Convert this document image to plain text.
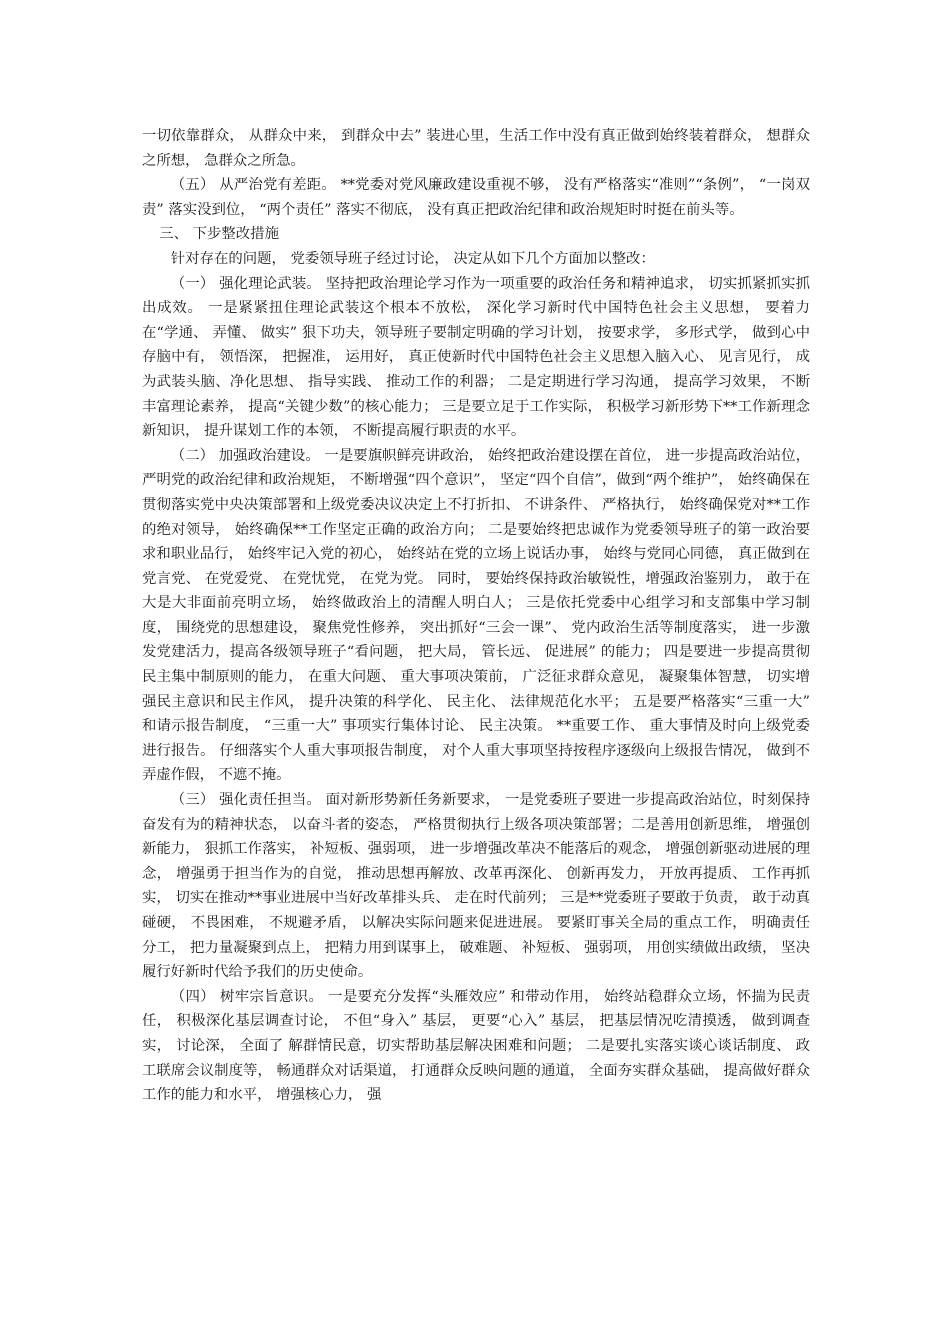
一切依靠群众， 从群众中来， 到群众中去” 装进心里，生活工作中没有真正做到始终装着群众， 想群众之所想， 急群众之所急。

（五） 从严治党有差距。 **党委对党风廉政建设重视不够， 没有严格落实“准则”“条例”， “一岗双责” 落实没到位， “两个责任” 落实不彻底， 没有真正把政治纪律和政治规矩时时挺在前头等。

三、 下步整改措施

针对存在的问题， 党委领导班子经过讨论， 决定从如下几个方面加以整改：

（一） 强化理论武装。 坚持把政治理论学习作为一项重要的政治任务和精神追求， 切实抓紧抓实抓出成效。 一是紧紧扭住理论武装这个根本不放松， 深化学习新时代中国特色社会主义思想， 要着力在“学通、 弄懂、 做实” 狠下功夫，领导班子要制定明确的学习计划， 按要求学， 多形式学， 做到心中存脑中有， 领悟深， 把握准， 运用好， 真正使新时代中国特色社会主义思想入脑入心、 见言见行， 成为武装头脑、净化思想、 指导实践、 推动工作的利器； 二是定期进行学习沟通， 提高学习效果， 不断丰富理论素养， 提高“关键少数”的核心能力； 三是要立足于工作实际， 积极学习新形势下**工作新理念新知识， 提升谋划工作的本领， 不断提高履行职责的水平。

（二） 加强政治建设。 一是要旗帜鲜亮讲政治， 始终把政治建设摆在首位， 进一步提高政治站位， 严明党的政治纪律和政治规矩， 不断增强“四个意识”， 坚定“四个自信”，做到“两个维护”， 始终确保在贯彻落实党中央决策部署和上级党委决议决定上不打折扣、 不讲条件、 严格执行， 始终确保党对**工作的绝对领导， 始终确保**工作坚定正确的政治方向； 二是要始终把忠诚作为党委领导班子的第一政治要求和职业品行， 始终牢记入党的初心， 始终站在党的立场上说话办事， 始终与党同心同德， 真正做到在党言党、 在党爱党、 在党忧党， 在党为党。 同时， 要始终保持政治敏锐性，增强政治鉴别力， 敢于在大是大非面前亮明立场， 始终做政治上的清醒人明白人； 三是依托党委中心组学习和支部集中学习制度， 围绕党的思想建设， 聚焦党性修养， 突出抓好“三会一课”、 党内政治生活等制度落实， 进一步激发党建活力，提高各级领导班子“看问题， 把大局， 管长远、 促进展” 的能力； 四是要进一步提高贯彻民主集中制原则的能力， 在重大问题、 重大事项决策前， 广泛征求群众意见， 凝聚集体智慧， 切实增强民主意识和民主作风， 提升决策的科学化、 民主化、 法律规范化水平； 五是要严格落实“三重一大” 和请示报告制度， “三重一大” 事项实行集体讨论、 民主决策。 **重要工作、 重大事情及时向上级党委进行报告。 仔细落实个人重大事项报告制度， 对个人重大事项坚持按程序逐级向上级报告情况， 做到不弄虚作假， 不遮不掩。

（三） 强化责任担当。 面对新形势新任务新要求， 一是党委班子要进一步提高政治站位，时刻保持奋发有为的精神状态， 以奋斗者的姿态， 严格贯彻执行上级各项决策部署；二是善用创新思维， 增强创新能力， 狠抓工作落实， 补短板、强弱项， 进一步增强改革决不能落后的观念， 增强创新驱动进展的理念， 增强勇于担当作为的自觉， 推动思想再解放、改革再深化、 创新再发力， 开放再提质、 工作再抓实， 切实在推动**事业进展中当好改革排头兵、 走在时代前列； 三是**党委班子要敢于负责， 敢于动真碰硬， 不畏困难， 不规避矛盾， 以解决实际问题来促进进展。 要紧盯事关全局的重点工作， 明确责任分工， 把力量凝聚到点上， 把精力用到谋事上， 破难题、 补短板、 强弱项， 用创实绩做出政绩， 坚决履行好新时代给予我们的历史使命。

（四） 树牢宗旨意识。 一是要充分发挥“头雁效应” 和带动作用， 始终站稳群众立场，怀揣为民责任， 积极深化基层调查讨论， 不但“身入” 基层， 更要“心入” 基层， 把基层情况吃清摸透， 做到调查实， 讨论深， 全面了 解群情民意，切实帮助基层解决困难和问题； 二是要扎实落实谈心谈话制度、 政工联席会议制度等， 畅通群众对话渠道， 打通群众反映问题的通道， 全面夯实群众基础， 提高做好群众工作的能力和水平， 增强核心力， 强
